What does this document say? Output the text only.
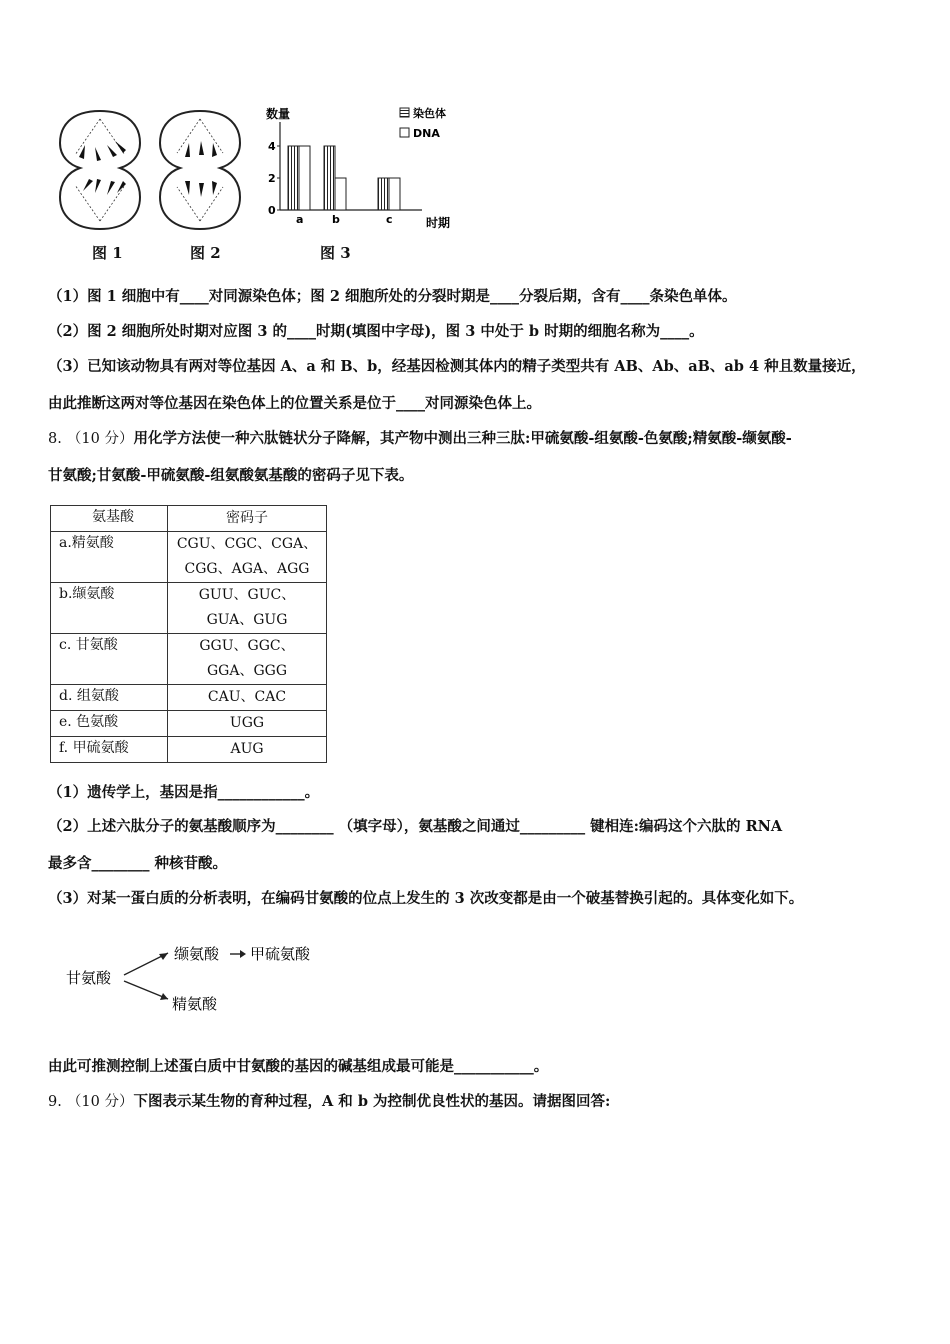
图 1	图 2
数量
时期
0
2
4
a	b	c
染色体
DNA
图 3
（1）图 1 细胞中有____对同源染色体；图 2 细胞所处的分裂时期是____分裂后期，含有____条染色单体。
（2）图 2 细胞所处时期对应图 3 的____时期(填图中字母)，图 3 中处于 b 时期的细胞名称为____。
（3）已知该动物具有两对等位基因 A、a 和 B、b，经基因检测其体内的精子类型共有 AB、Ab、aB、ab 4 种且数量接近，
由此推断这两对等位基因在染色体上的位置关系是位于____对同源染色体上。
8. （10 分）用化学方法使一种六肽链状分子降解，其产物中测出三种三肽:甲硫氨酸-组氨酸-色氨酸;精氨酸-缬氨酸-
甘氨酸;甘氨酸-甲硫氨酸-组氨酸氨基酸的密码子见下表。
氨基酸	密码子
a.精氨酸	CGU、CGC、CGA、
CGG、AGA、AGG

b.缬氨酸	GUU、GUC、
GUA、GUG

c. 甘氨酸	GGU、GGC、
GGA、GGG

d. 组氨酸	CAU、CAC

e. 色氨酸	UGG

f. 甲硫氨酸	AUG
（1）遗传学上，基因是指____________。
（2）上述六肽分子的氨基酸顺序为________ （填字母），氨基酸之间通过_________ 键相连:编码这个六肽的 RNA
最多含________ 种核苷酸。
（3）对某一蛋白质的分析表明，在编码甘氨酸的位点上发生的 3 次改变都是由一个破基替换引起的。具体变化如下。
甘氨酸
缬氨酸 甲硫氨酸
精氨酸
由此可推测控制上述蛋白质中甘氨酸的基因的碱基组成最可能是___________。
9. （10 分）下图表示某生物的育种过程，A 和 b 为控制优良性状的基因。请据图回答:
